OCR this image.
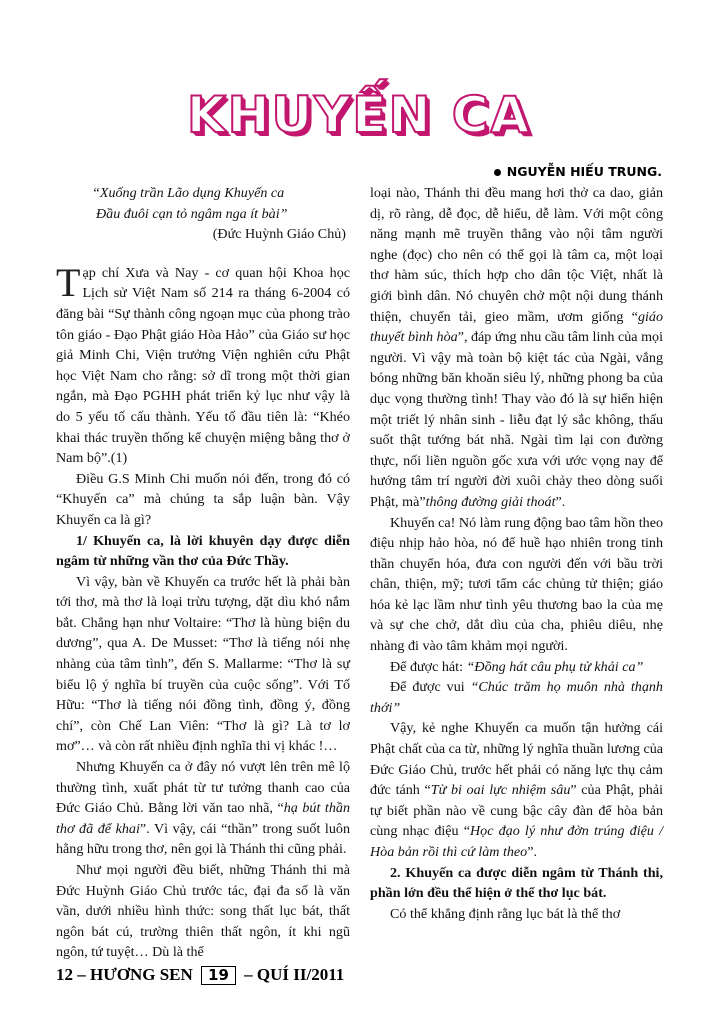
KHUYẾN CA
NGUYỄN HIẾU TRUNG.

“Xuống trần Lão dụng Khuyến ca

Đầu đuôi cạn tỏ ngâm nga ít bài”

(Đức Huỳnh Giáo Chủ)

Tạp chí Xưa và Nay - cơ quan hội Khoa học Lịch sử Việt Nam số 214 ra tháng 6-2004 có đăng bài “Sự thành công ngoạn mục của phong trào tôn giáo - Đạo Phật giáo Hòa Hảo” của Giáo sư học giả Minh Chi, Viện trưởng Viện nghiên cứu Phật học Việt Nam cho rằng: sở dĩ trong một thời gian ngắn, mà Đạo PGHH phát triển kỷ lục như vậy là do 5 yếu tố cấu thành. Yếu tố đầu tiên là: “Khéo khai thác truyền thống kể chuyện miệng bằng thơ ở Nam bộ”.(1)

Điều G.S Minh Chi muốn nói đến, trong đó có “Khuyến ca” mà chúng ta sắp luận bàn. Vậy Khuyến ca là gì?

1/ Khuyến ca, là lời khuyên dạy được diễn ngâm từ những vần thơ của Đức Thầy.

Vì vậy, bàn về Khuyến ca trước hết là phải bàn tới thơ, mà thơ là loại trừu tượng, dặt dìu khó nắm bắt. Chẳng hạn như Voltaire: “Thơ là hùng biện du dương”, qua A. De Musset: “Thơ là tiếng nói nhẹ nhàng của tâm tình”, đến S. Mallarme: “Thơ là sự biểu lộ ý nghĩa bí truyền của cuộc sống”. Với Tố Hữu: “Thơ là tiếng nói đồng tình, đồng ý, đồng chí”, còn Chế Lan Viên: “Thơ là gì? Là tơ lơ mơ”… và còn rất nhiều định nghĩa thi vị khác !…

Nhưng Khuyến ca ở đây nó vượt lên trên mê lộ thường tình, xuất phát từ tư tưởng thanh cao của Đức Giáo Chủ. Bằng lời văn tao nhã, “hạ bút thần thơ đã để khai”. Vì vậy, cái “thần” trong suốt luôn hằng hữu trong thơ, nên gọi là Thánh thi cũng phải.

Như mọi người đều biết, những Thánh thi mà Đức Huỳnh Giáo Chủ trước tác, đại đa số là văn vần, dưới nhiều hình thức: song thất lục bát, thất ngôn bát cú, trường thiên thất ngôn, ít khi ngũ ngôn, tứ tuyệt… Dù là thể

loại nào, Thánh thi đều mang hơi thở ca dao, giản dị, rõ ràng, dễ đọc, dễ hiểu, dễ làm. Với một công năng mạnh mẽ truyền thẳng vào nội tâm người nghe (đọc) cho nên có thể gọi là tâm ca, một loại thơ hàm súc, thích hợp cho dân tộc Việt, nhất là giới bình dân. Nó chuyên chở một nội dung thánh thiện, chuyển tải, gieo mầm, ươm giống “giáo thuyết bình hòa”, đáp ứng nhu cầu tâm linh của mọi người. Vì vậy mà toàn bộ kiệt tác của Ngài, vắng bóng những băn khoăn siêu lý, những phong ba của dục vọng thường tình! Thay vào đó là sự hiển hiện một triết lý nhân sinh - liễu đạt lý sắc không, thấu suốt thật tướng bát nhã. Ngài tìm lại con đường thực, nối liền nguồn gốc xưa với ước vọng nay để hướng tâm trí người đời xuôi chảy theo dòng suối Phật, mà”thông đường giải thoát”.

Khuyến ca! Nó làm rung động bao tâm hồn theo điệu nhịp hảo hòa, nó để huề hạo nhiên trong tinh thần chuyển hóa, đưa con người đến với bầu trời chân, thiện, mỹ; tươi tẩm các chủng tử thiện; giáo hóa kẻ lạc lầm như tình yêu thương bao la của mẹ và sự che chở, dắt dìu của cha, phiêu diêu, nhẹ nhàng đi vào tâm khảm mọi người.

Để được hát: “Đồng hát câu phụ tử khải ca”

Để được vui “Chúc trăm họ muôn nhà thạnh thới”

Vậy, kẻ nghe Khuyến ca muốn tận hưởng cái Phật chất của ca từ, những lý nghĩa thuần lương của Đức Giáo Chủ, trước hết phải có năng lực thụ cảm đức tánh “Từ bi oai lực nhiệm sâu” của Phật, phải tự biết phần nào về cung bậc cây đàn để hòa bản cùng nhạc điệu “Học đạo lý như đờn trúng điệu / Hòa bản rồi thì cứ làm theo”.

2. Khuyến ca được diễn ngâm từ Thánh thi, phần lớn đều thể hiện ở thể thơ lục bát.

Có thể khẳng định rằng lục bát là thể thơ

12 – HƯƠNG SEN 19 – QUÍ II/2011
